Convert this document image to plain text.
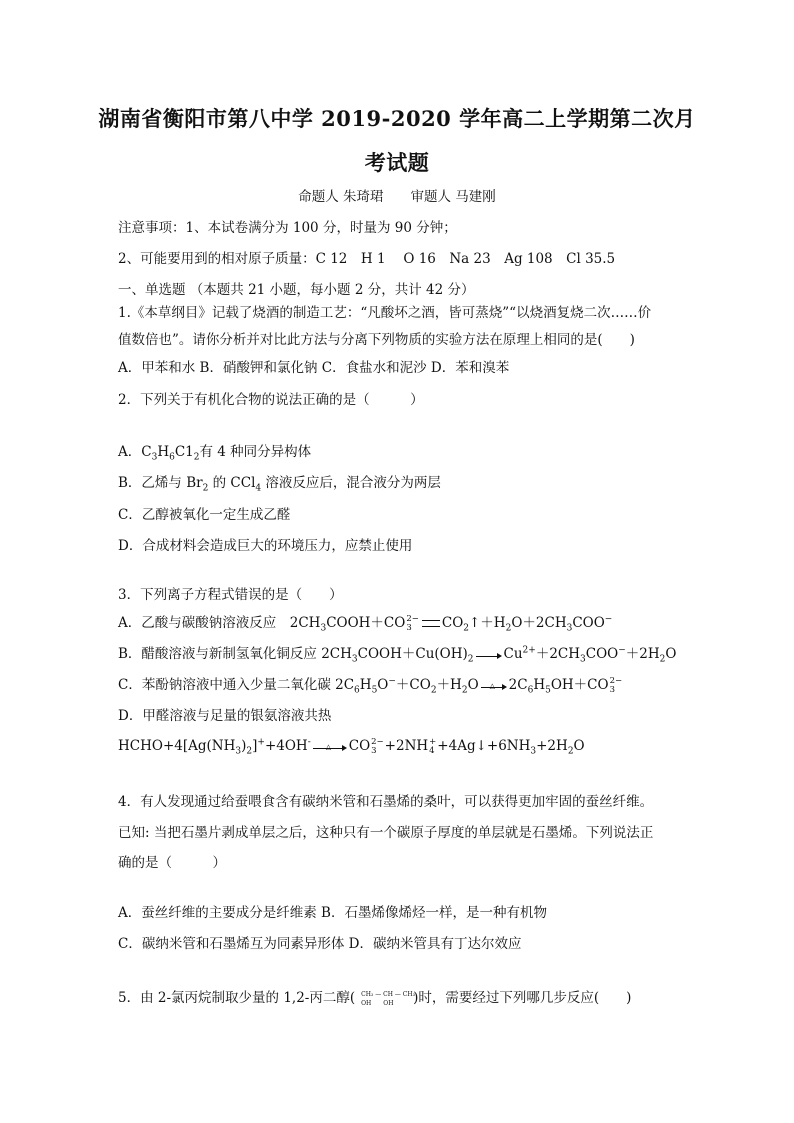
湖南省衡阳市第八中学 2019-2020 学年高二上学期第二次月
考试题
命题人 朱琦珺　　审题人 马建刚
注意事项：1、本试卷满分为 100 分，时量为 90 分钟；
2、可能要用到的相对原子质量：C 12　H 1　 O 16　Na 23　Ag 108　Cl 35.5
一、单选题 （本题共 21 小题，每小题 2 分，共计 42 分）
1.《本草纲目》记载了烧酒的制造工艺：“凡酸坏之酒，皆可蒸烧”“以烧酒复烧二次……价
值数倍也”。请你分析并对比此方法与分离下列物质的实验方法在原理上相同的是(　　)
A．甲苯和水 B．硝酸钾和氯化钠 C．食盐水和泥沙 D．苯和溴苯
2．下列关于有机化合物的说法正确的是（　　　）
A．$C_3H_6C1_2$有 4 种同分异构体
B．乙烯与 $Br_2$ 的 CCl$_4$ 溶液反应后，混合液分为两层
C．乙醇被氧化一定生成乙醛
D．合成材料会造成巨大的环境压力，应禁止使用
3．下列离子方程式错误的是（　　）
A．乙酸与碳酸钠溶液反应　$2CH_3COOH+CO$ 2−
3	$CO_2↑+H_2O+2CH_3COO^-$
B．醋酸溶液与新制氢氧化铜反应 $2CH_3COOH+Cu(OH)_2$ $Cu^{2+}+2CH_3COO^-+2H_2O$
C．苯酚钠溶液中通入少量二氧化碳 $2C_6H_5O^-+CO_2+H_2O$ △ $2C_6H_5OH+CO$ 2−
3
D．甲醛溶液与足量的银氨溶液共热
$HCHO+4[Ag(NH_3)_2]^++4OH^-$ △ CO 2−
3 +2NH +
$4 +4Ag↓+6NH_3+2H_2O$
4．有人发现通过给蚕喂食含有碳纳米管和石墨烯的桑叶，可以获得更加牢固的蚕丝纤维。
已知: 当把石墨片剥成单层之后，这种只有一个碳原子厚度的单层就是石墨烯。下列说法正
确的是（　　　）
A．蚕丝纤维的主要成分是纤维素 B．石墨烯像烯烃一样，是一种有机物
C．碳纳米管和石墨烯互为同素异形体 D．碳纳米管具有丁达尔效应
5．由 2-氯丙烷制取少量的 1,2-丙二醇( CH₂ — CH — CH₃
OH　　OH )时，需要经过下列哪几步反应(　　)
